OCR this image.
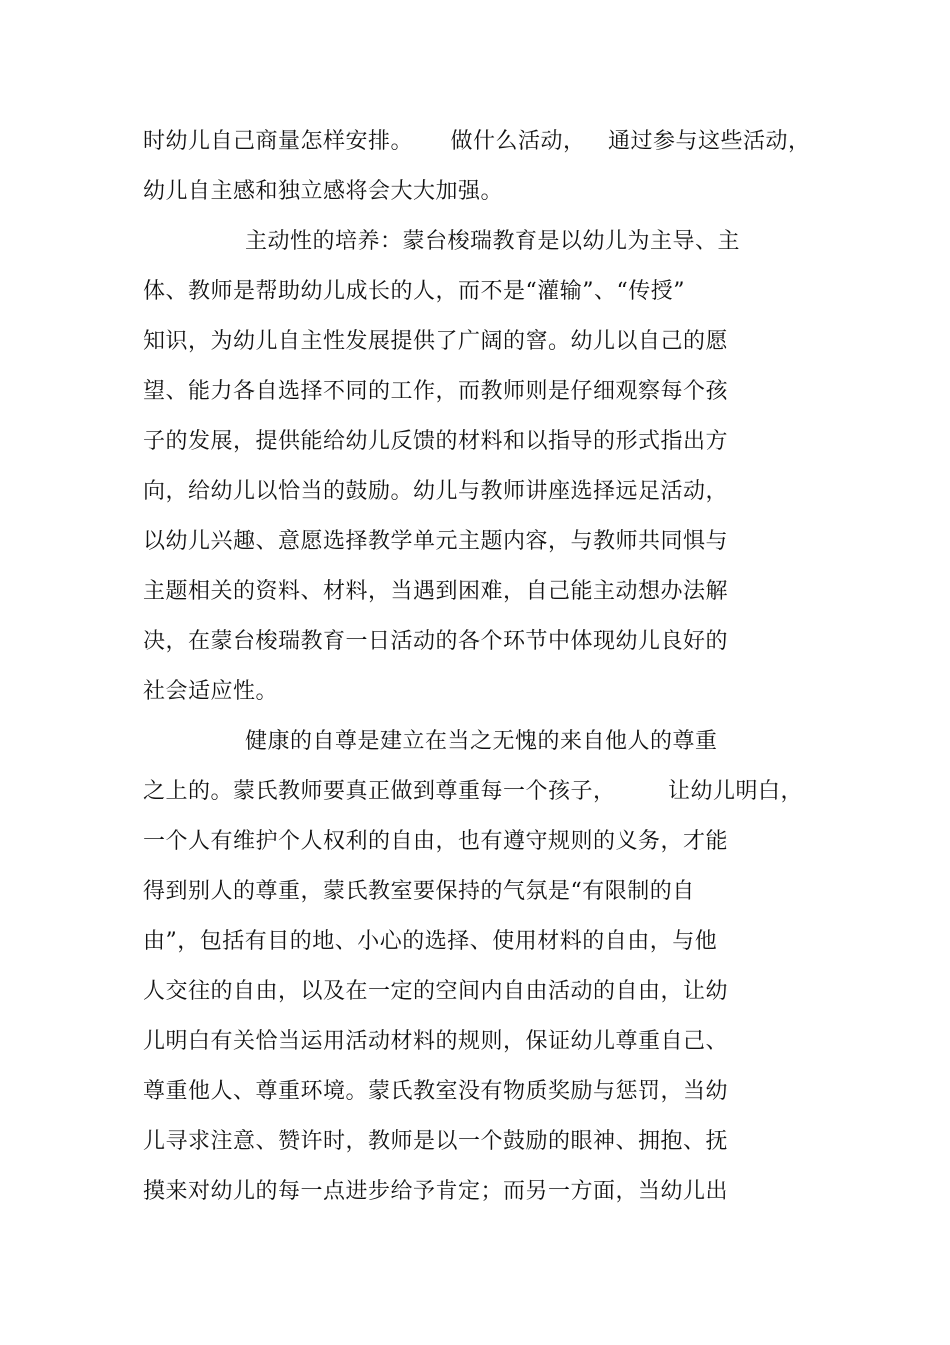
时幼儿自己商量怎样安排。     做什么活动，   通过参与这些活动，
幼儿自主感和独立感将会大大加强。
主动性的培养：蒙台梭瑞教育是以幼儿为主导、主
体、教师是帮助幼儿成长的人，而不是“灌输”、“传授”
知识，为幼儿自主性发展提供了广阔的窨。幼儿以自己的愿
望、能力各自选择不同的工作，而教师则是仔细观察每个孩
子的发展，提供能给幼儿反馈的材料和以指导的形式指出方
向，给幼儿以恰当的鼓励。幼儿与教师讲座选择远足活动，
以幼儿兴趣、意愿选择教学单元主题内容，与教师共同惧与
主题相关的资料、材料，当遇到困难，自己能主动想办法解
决，在蒙台梭瑞教育一日活动的各个环节中体现幼儿良好的
社会适应性。
健康的自尊是建立在当之无愧的来自他人的尊重
之上的。蒙氏教师要真正做到尊重每一个孩子，       让幼儿明白，
一个人有维护个人权利的自由，也有遵守规则的义务，才能
得到别人的尊重，蒙氏教室要保持的气氛是“有限制的自
由”，包括有目的地、小心的选择、使用材料的自由，与他
人交往的自由，以及在一定的空间内自由活动的自由，让幼
儿明白有关恰当运用活动材料的规则，保证幼儿尊重自己、
尊重他人、尊重环境。蒙氏教室没有物质奖励与惩罚，当幼
儿寻求注意、赞许时，教师是以一个鼓励的眼神、拥抱、抚
摸来对幼儿的每一点进步给予肯定；而另一方面，当幼儿出
